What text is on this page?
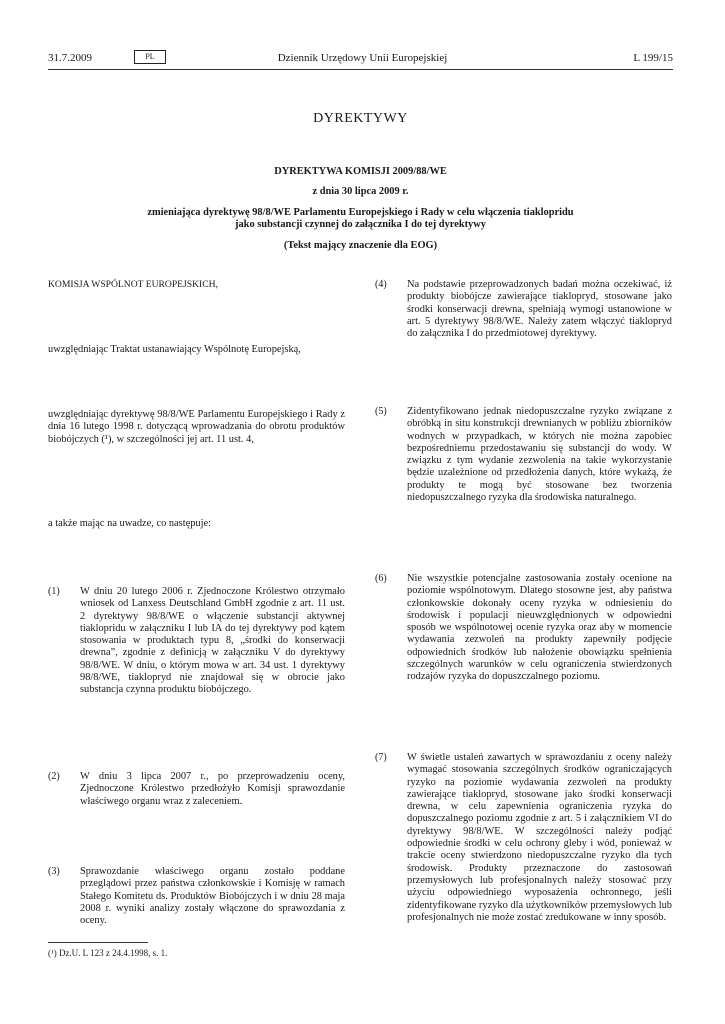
31.7.2009	PL	Dziennik Urzędowy Unii Europejskiej	L 199/15
DYREKTYWY
DYREKTYWA KOMISJI 2009/88/WE
z dnia 30 lipca 2009 r.
zmieniająca dyrektywę 98/8/WE Parlamentu Europejskiego i Rady w celu włączenia tiaklopridu
jako substancji czynnej do załącznika I do tej dyrektywy
(Tekst mający znaczenie dla EOG)

KOMISJA WSPÓLNOT EUROPEJSKICH,

uwzględniając Traktat ustanawiający Wspólnotę Europejską,

uwzględniając dyrektywę 98/8/WE Parlamentu Europejskiego i Rady z dnia 16 lutego 1998 r. dotyczącą wprowadzania do obrotu produktów biobójczych (¹), w szczególności jej art. 11 ust. 4,

a także mając na uwadze, co następuje:

(1) W dniu 20 lutego 2006 r. Zjednoczone Królestwo otrzymało wniosek od Lanxess Deutschland GmbH zgodnie z art. 11 ust. 2 dyrektywy 98/8/WE o włączenie substancji aktywnej tiaklopridu w załączniku I lub IA do tej dyrektywy pod kątem stosowania w produktach typu 8, „środki do konserwacji drewna”, zgodnie z definicją w załączniku V do dyrektywy 98/8/WE. W dniu, o którym mowa w art. 34 ust. 1 dyrektywy 98/8/WE, tiaklopryd nie znajdował się w obrocie jako substancja czynna produktu biobójczego.

(2) W dniu 3 lipca 2007 r., po przeprowadzeniu oceny, Zjednoczone Królestwo przedłożyło Komisji sprawozdanie właściwego organu wraz z zaleceniem.

(3) Sprawozdanie właściwego organu zostało poddane przeglądowi przez państwa członkowskie i Komisję w ramach Stałego Komitetu ds. Produktów Biobójczych i w dniu 28 maja 2008 r. wyniki analizy zostały włączone do sprawozdania z oceny.

(¹) Dz.U. L 123 z 24.4.1998, s. 1.

(4) Na podstawie przeprowadzonych badań można oczekiwać, iż produkty biobójcze zawierające tiaklopryd, stosowane jako środki konserwacji drewna, spełniają wymogi ustanowione w art. 5 dyrektywy 98/8/WE. Należy zatem włączyć tiaklopryd do załącznika I do przedmiotowej dyrektywy.

(5) Zidentyfikowano jednak niedopuszczalne ryzyko związane z obróbką in situ konstrukcji drewnianych w pobliżu zbiorników wodnych w przypadkach, w których nie można zapobiec bezpośredniemu przedostawaniu się substancji do wody. W związku z tym wydanie zezwolenia na takie wykorzystanie będzie uzależnione od przedłożenia danych, które wykażą, że produkty te mogą być stosowane bez tworzenia niedopuszczalnego ryzyka dla środowiska naturalnego.

(6) Nie wszystkie potencjalne zastosowania zostały ocenione na poziomie wspólnotowym. Dlatego stosowne jest, aby państwa członkowskie dokonały oceny ryzyka w odniesieniu do środowisk i populacji nieuwzględnionych w odpowiedni sposób we wspólnotowej ocenie ryzyka oraz aby w momencie wydawania zezwoleń na produkty zapewniły podjęcie odpowiednich środków lub nałożenie obowiązku spełnienia szczególnych warunków w celu ograniczenia stwierdzonych rodzajów ryzyka do dopuszczalnego poziomu.

(7) W świetle ustaleń zawartych w sprawozdaniu z oceny należy wymagać stosowania szczególnych środków ograniczających ryzyko na poziomie wydawania zezwoleń na produkty zawierające tiaklopryd, stosowane jako środki konserwacji drewna, w celu zapewnienia ograniczenia ryzyka do dopuszczalnego poziomu zgodnie z art. 5 i załącznikiem VI do dyrektywy 98/8/WE. W szczególności należy podjąć odpowiednie środki w celu ochrony gleby i wód, ponieważ w trakcie oceny stwierdzono niedopuszczalne ryzyko dla tych środowisk. Produkty przeznaczone do zastosowań przemysłowych lub profesjonalnych należy stosować przy użyciu odpowiedniego wyposażenia ochronnego, jeśli zidentyfikowane ryzyko dla użytkowników przemysłowych lub profesjonalnych nie może zostać zredukowane w inny sposób.
